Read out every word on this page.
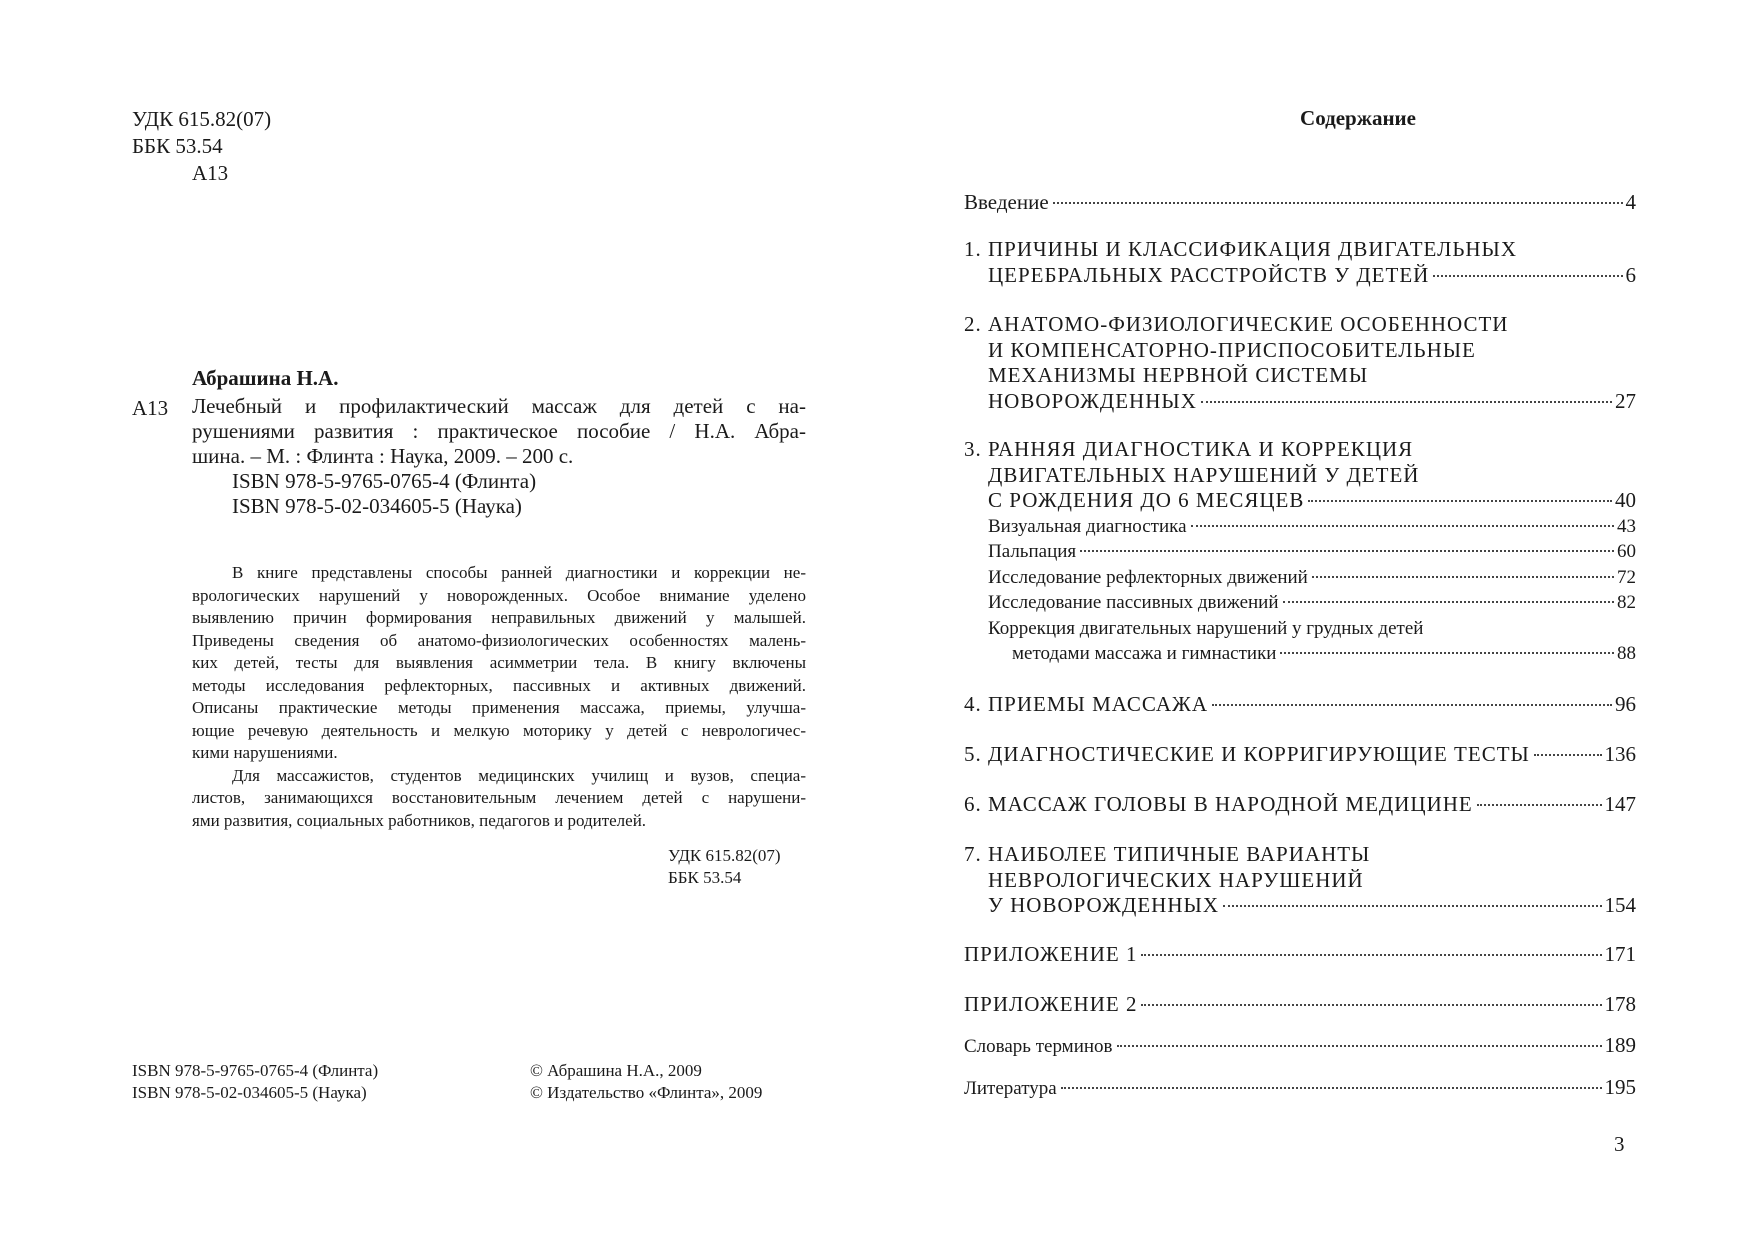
УДК 615.82(07)
ББК 53.54
А13
Абрашина Н.А.
А13 Лечебный и профилактический массаж для детей с на-
рушениями развития : практическое пособие / Н.А. Абра-
шина. – М. : Флинта : Наука, 2009. – 200 с.
ISBN 978-5-9765-0765-4 (Флинта)
ISBN 978-5-02-034605-5 (Наука)
В книге представлены способы ранней диагностики и коррекции не-
врологических нарушений у новорожденных. Особое внимание уделено
выявлению причин формирования неправильных движений у малышей.
Приведены сведения об анатомо-физиологических особенностях малень-
ких детей, тесты для выявления асимметрии тела. В книгу включены
методы исследования рефлекторных, пассивных и активных движений.
Описаны практические методы применения массажа, приемы, улучша-
ющие речевую деятельность и мелкую моторику у детей с неврологичес-
кими нарушениями.
Для массажистов, студентов медицинских училищ и вузов, специа-
листов, занимающихся восстановительным лечением детей с нарушени-
ями развития, социальных работников, педагогов и родителей.
УДК 615.82(07)
ББК 53.54
ISBN 978-5-9765-0765-4 (Флинта)
ISBN 978-5-02-034605-5 (Наука)
© Абрашина Н.А., 2009
© Издательство «Флинта», 2009
Содержание
Введение	4
1. ПРИЧИНЫ И КЛАССИФИКАЦИЯ ДВИГАТЕЛЬНЫХ
ЦЕРЕБРАЛЬНЫХ РАССТРОЙСТВ У ДЕТЕЙ	6
2. АНАТОМО-ФИЗИОЛОГИЧЕСКИЕ ОСОБЕННОСТИ
И КОМПЕНСАТОРНО-ПРИСПОСОБИТЕЛЬНЫЕ
МЕХАНИЗМЫ НЕРВНОЙ СИСТЕМЫ
НОВОРОЖДЕННЫХ	27
3. РАННЯЯ ДИАГНОСТИКА И КОРРЕКЦИЯ
ДВИГАТЕЛЬНЫХ НАРУШЕНИЙ У ДЕТЕЙ
С РОЖДЕНИЯ ДО 6 МЕСЯЦЕВ	40
Визуальная диагностика	43
Пальпация	60
Исследование рефлекторных движений	72
Исследование пассивных движений	82
Коррекция двигательных нарушений у грудных детей
методами массажа и гимнастики	88
4. ПРИЕМЫ МАССАЖА	96
5. ДИАГНОСТИЧЕСКИЕ И КОРРИГИРУЮЩИЕ ТЕСТЫ	136
6. МАССАЖ ГОЛОВЫ В НАРОДНОЙ МЕДИЦИНЕ	147
7. НАИБОЛЕЕ ТИПИЧНЫЕ ВАРИАНТЫ
НЕВРОЛОГИЧЕСКИХ НАРУШЕНИЙ
У НОВОРОЖДЕННЫХ	154
ПРИЛОЖЕНИЕ 1	171
ПРИЛОЖЕНИЕ 2	178
Словарь терминов	189
Литература	195
3
